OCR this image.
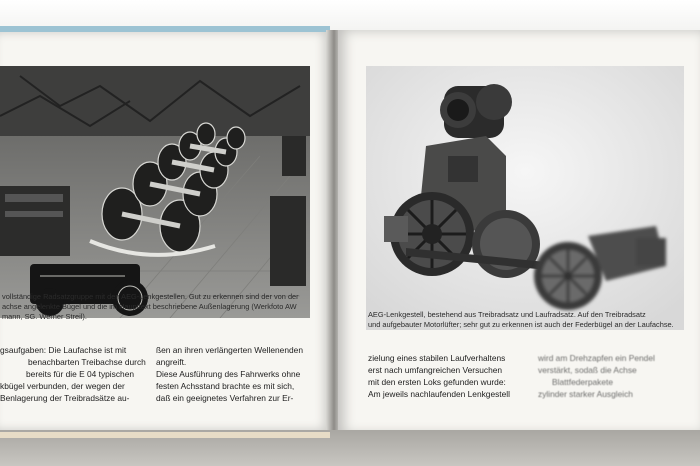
vollständige Radsatzgruppe mit den AEG-Lenkgestellen. Gut zu erkennen sind der von der
achse angelenkte Bügel und die im Haupttext beschriebene Außenlagerung (Werkfoto AW
mann, SG. Werner Streil).
gsaufgaben: Die Laufachse ist mit
benachbarten Treibachse durch
bereits für die E 04 typischen
kbügel verbunden, der wegen der
Benlagerung der Treibradsätze au-
ßen an ihren verlängerten Wellenenden
angreift.
Diese Ausführung des Fahrwerks ohne
festen Achsstand brachte es mit sich,
daß ein geeignetes Verfahren zur Er-
AEG-Lenkgestell, bestehend aus Treibradsatz und Laufradsatz. Auf den Treibradsatz
und aufgebauter Motorlüfter; sehr gut zu erkennen ist auch der Federbügel an der Laufachse.
zielung eines stabilen Laufverhaltens
erst nach umfangreichen Versuchen
mit den ersten Loks gefunden wurde:
Am jeweils nachlaufenden Lenkgestell
wird am Drehzapfen ein Pendel
verstärkt, sodaß die Achse
Blattfederpakete
zylinder starker Ausgleich
